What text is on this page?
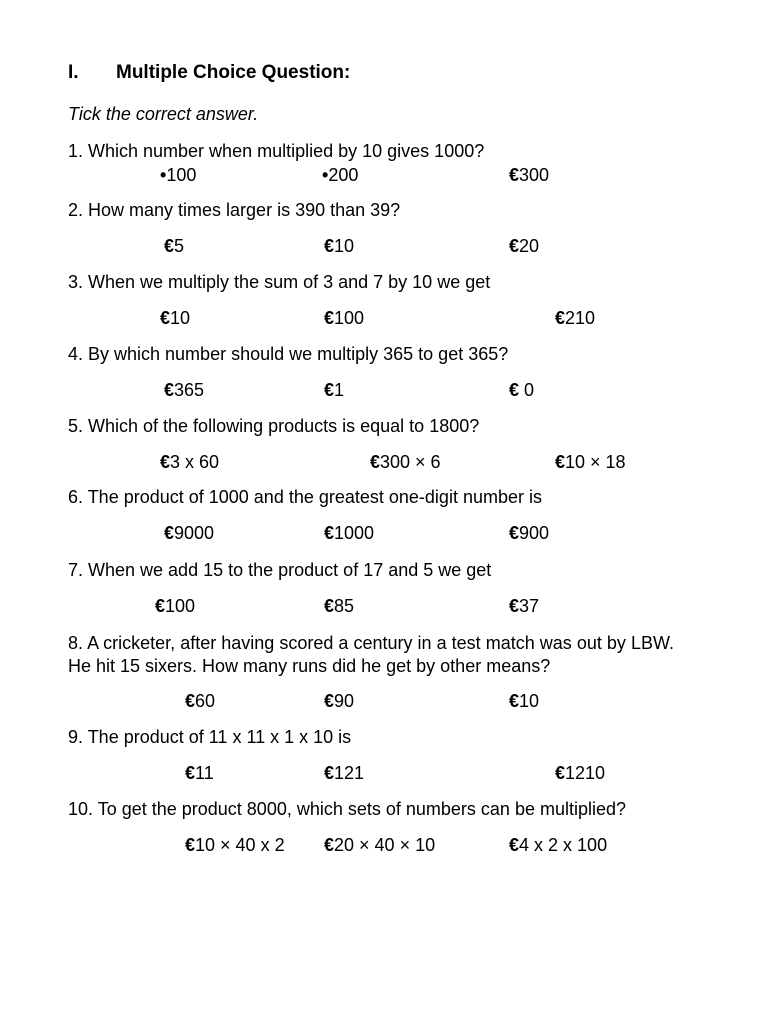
I. Multiple Choice Question:
Tick the correct answer.
1. Which number when multiplied by 10 gives 1000?
•100	•200	€300
2. How many times larger is 390 than 39?
€5	€10	€20
3. When we multiply the sum of 3 and 7 by 10 we get
€10	€100	€210
4. By which number should we multiply 365 to get 365?
€365	€1	€ 0
5. Which of the following products is equal to 1800?
€3 x 60	€300 × 6	€10 × 18
6. The product of 1000 and the greatest one-digit number is
€9000	€1000	€900
7. When we add 15 to the product of 17 and 5 we get
€100	€85	€37
8. A cricketer, after having scored a century in a test match was out by LBW. He hit 15 sixers. How many runs did he get by other means?
€60	€90	€10
9. The product of 11 x 11 x 1 x 10 is
€11	€121	€1210
10. To get the product 8000, which sets of numbers can be multiplied?
€10 × 40 x 2 €20 × 40 × 10	€4 x 2 x 100
